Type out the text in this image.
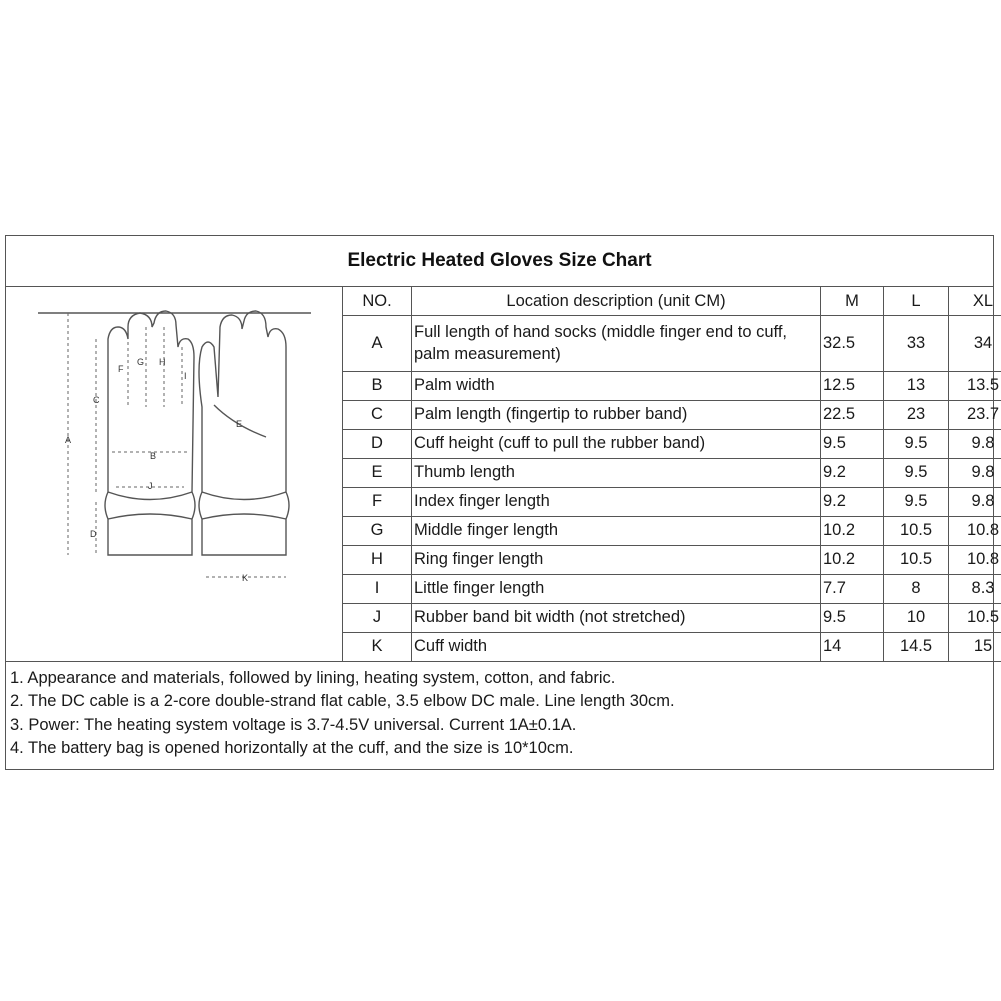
Electric Heated Gloves Size Chart
A
B
C
D
E
F
G H
I
J
K
NO.	Location description (unit CM)	M	L	XL
A	Full length of hand socks (middle finger end to cuff, palm measurement)	32.5	33	34
B	Palm width	12.5	13	13.5
C	Palm length (fingertip to rubber band)	22.5	23	23.7
D	Cuff height (cuff to pull the rubber band)	9.5	9.5	9.8
E	Thumb length	9.2	9.5	9.8
F	Index finger length	9.2	9.5	9.8
G	Middle finger length	10.2	10.5	10.8
H	Ring finger length	10.2	10.5	10.8
I	Little finger length	7.7	8	8.3
J	Rubber band bit width (not stretched)	9.5	10	10.5
K	Cuff width	14	14.5	15
1. Appearance and materials, followed by lining, heating system, cotton, and fabric.
2. The DC cable is a 2-core double-strand flat cable, 3.5 elbow DC male. Line length 30cm.
3. Power: The heating system voltage is 3.7-4.5V universal. Current 1A±0.1A.
4. The battery bag is opened horizontally at the cuff, and the size is 10*10cm.
